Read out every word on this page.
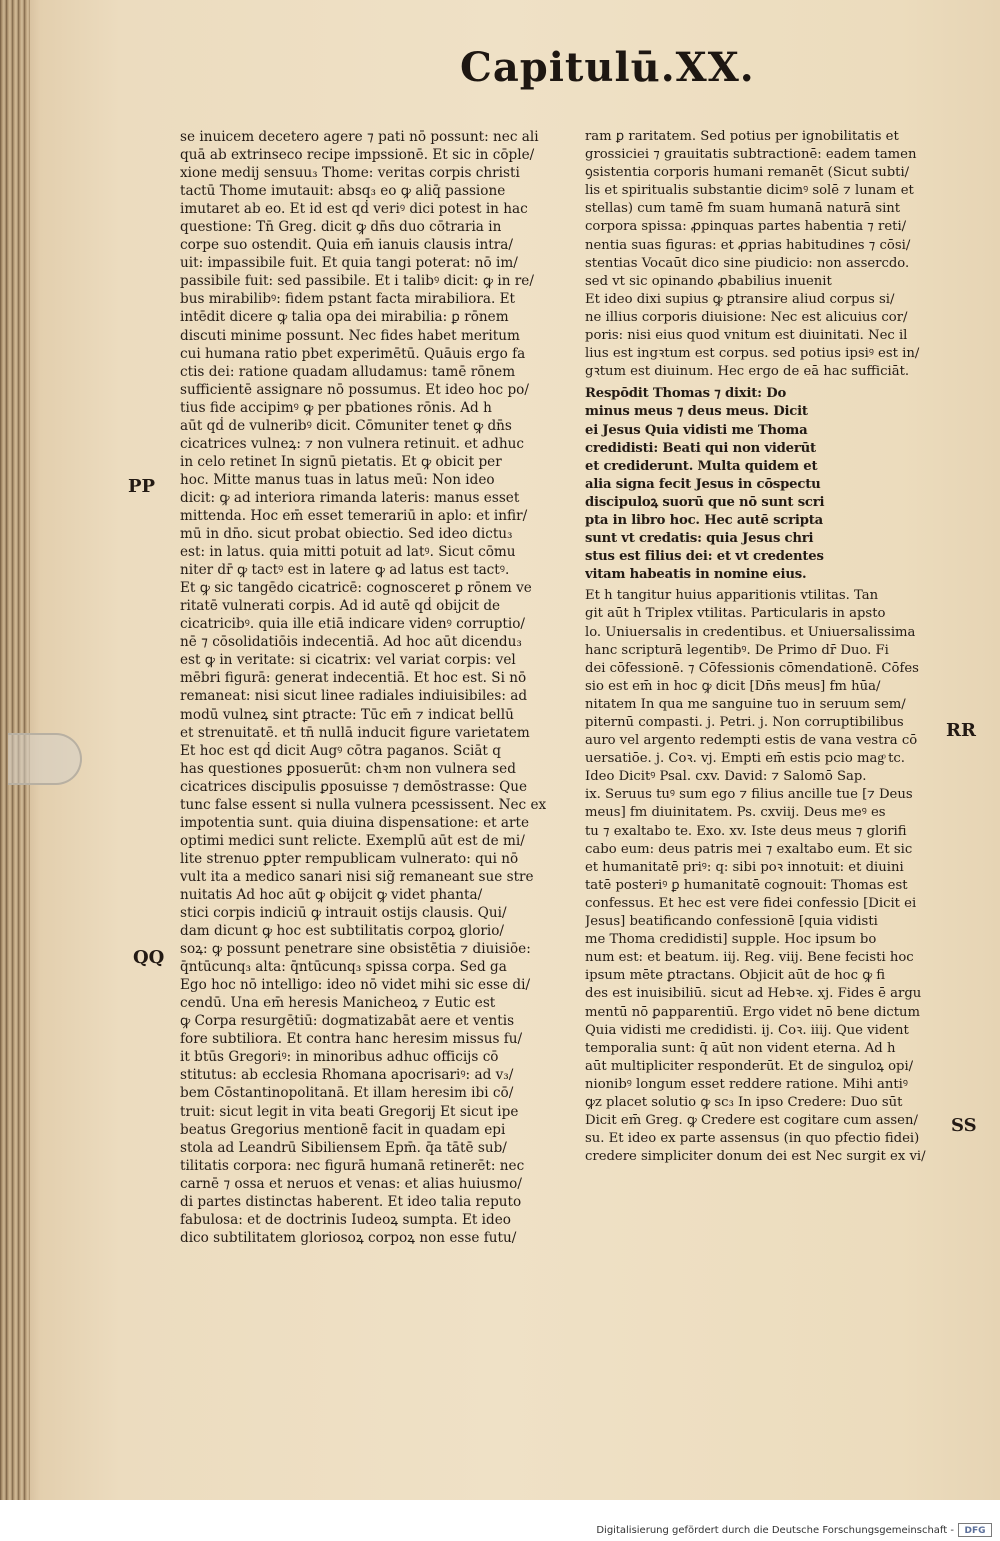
Capitulū.XX.
se inuicem decetero agere ⁊ pati nō possunt: nec ali
quā ab extrinseco recipe impssionē. Et sic in cōple/
xione medij sensuu₃ Thome: veritas corpis christi
tactū Thome imutauit: absq₃ eo ꝙ aliq̄ passione
imutaret ab eo. Et id est qḋ veriꝰ dici potest in hac
questione: Tn̄ Greg. dicit ꝙ dn̄s duo cōtraria in
corpe suo ostendit. Quia em̄ ianuis clausis intra/
uit: impassibile fuit. Et quia tangi poterat: nō im/
passibile fuit: sed passibile. Et i talibꝰ dicit: ꝙ in re/
bus mirabilibꝰ: fidem pstant facta mirabiliora. Et
intēdit dicere ꝙ talia opa dei mirabilia: ꝑ rōnem
discuti minime possunt. Nec fides habet meritum
cui humana ratio pbet experimētū. Quāuis ergo fa
ctis dei: ratione quadam alludamus: tamē rōnem
sufficientē assignare nō possumus. Et ideo hoc po/
tius fide accipimꝰ ꝙ per pbationes rōnis. Ad h
aūt qḋ de vulneribꝰ dicit. Cōmuniter tenet ꝙ dn̄s
cicatrices vulneꝝ: ⁊ non vulnera retinuit. et adhuc
in celo retinet In signū pietatis. Et ꝙ obicit per
hoc. Mitte manus tuas in latus meū: Non ideo
dicit: ꝙ ad interiora rimanda lateris: manus esset
mittenda. Hoc em̄ esset temerariū in aplo: et infir/
mū in dn̄o. sicut probat obiectio. Sed ideo dictu₃
est: in latus. quia mitti potuit ad latꝰ. Sicut cōmu
niter dr̄ ꝙ tactꝰ est in latere ꝙ ad latus est tactꝰ.
Et ꝙ sic tangēdo cicatricē: cognosceret ꝑ rōnem ve
ritatē vulnerati corpis. Ad id autē qḋ obijcit de
cicatricibꝰ. quia ille etiā indicare videnꝰ corruptio/
nē ⁊ cōsolidatiōis indecentiā. Ad hoc aūt dicendu₃
est ꝙ in veritate: si cicatrix: vel variat corpis: vel
mēbri figurā: generat indecentiā. Et hoc est. Si nō
remaneat: nisi sicut linee radiales indiuisibiles: ad
modū vulneꝝ sint ꝑtracte: Tūc em̄ ⁊ indicat bellū
et strenuitatē. et tn̄ nullā inducit figure varietatem
Et hoc est qḋ dicit Augꝰ cōtra paganos. Sciāt q
has questiones ꝑposuerūt: chꝛm non vulnera sed
cicatrices discipulis ꝑposuisse ⁊ demōstrasse: Que
tunc false essent si nulla vulnera pcessissent. Nec ex
impotentia sunt. quia diuina dispensatione: et arte
optimi medici sunt relicte. Exemplū aūt est de mi/
lite strenuo ꝑpter rempublicam vulnerato: qui nō
vult ita a medico sanari nisi sig̃ remaneant sue stre
nuitatis Ad hoc aūt ꝙ obijcit ꝙ videt phanta/
stici corpis indiciū ꝙ intrauit ostijs clausis. Qui/
dam dicunt ꝙ hoc est subtilitatis corpoꝝ glorio/
soꝝ: ꝙ possunt penetrare sine obsistētia ⁊ diuisiōe:
q̄ntūcunq₃ alta: q̄ntūcunq₃ spissa corpa. Sed ga
Ego hoc nō intelligo: ideo nō videt mihi sic esse di/
cendū. Una em̄ heresis Manicheoꝝ ⁊ Eutic est
ꝙ Corpa resurgētiū: dogmatizabāt aere et ventis
fore subtiliora. Et contra hanc heresim missus fu/
it btūs Gregoriꝰ: in minoribus adhuc officijs cō
stitutus: ab ecclesia Rhomana apocrisariꝰ: ad v₃/
bem Cōstantinopolitanā. Et illam heresim ibi cō/
truit: sicut legit in vita beati Gregorij Et sicut ipe
beatus Gregorius mentionē facit in quadam epi
stola ad Leandrū Sibiliensem Epm̄. q̄a tātē sub/
tilitatis corpora: nec figurā humanā retinerēt: nec
carnē ⁊ ossa et neruos et venas: et alias huiusmo/
di partes distinctas haberent. Et ideo talia reputo
fabulosa: et de doctrinis Iudeoꝝ sumpta. Et ideo
dico subtilitatem gloriosoꝝ corpoꝝ non esse futu/
ram ꝑ raritatem. Sed potius per ignobilitatis et
grossiciei ⁊ grauitatis subtractionē: eadem tamen
ꝯsistentia corporis humani remanēt (Sicut subti/
lis et spiritualis substantie dicimꝰ solē ⁊ lunam et
stellas) cum tamē f̄m suam humanā naturā sint
corpora spissa: ꝓpinquas partes habentia ⁊ reti/
nentia suas figuras: et ꝓprias habitudines ⁊ cōsi/
stentias Vocaūt dico sine piudicio: non assercdo.
sed vt sic opinando ꝓbabilius inuenit
Et ideo dixi supius ꝙ ꝑtransire aliud corpus si/
ne illius corporis diuisione: Nec est alicuius cor/
poris: nisi eius quod vnitum est diuinitati. Nec il
lius est ingꝛtum est corpus. sed potius ipsiꝰ est in/
gꝛtum est diuinum. Hec ergo de eā hac sufficiāt.
Respōdit Thomas ⁊ dixit: Do
minus meus ⁊ deus meus. Dicit
ei Jesus Quia vidisti me Thoma
credidisti: Beati qui non viderūt
et crediderunt. Multa quidem et
alia signa fecit Jesus in cōspectu
discipuloꝝ suorū que nō sunt scri
pta in libro hoc. Hec autē scripta
sunt vt credatis: quia Jesus chri
stus est filius dei: et vt credentes
vitam habeatis in nomine eius.
Et h tangitur huius apparitionis vtilitas. Tan
git aūt h Triplex vtilitas. Particularis in apsto
lo. Uniuersalis in credentibus. et Uniuersalissima
hanc scripturā legentibꝰ. De Primo dr̄ Duo. Fi
dei cōfessionē. ⁊ Cōfessionis cōmendationē. Cōfes
sio est em̄ in hoc ꝙ dicit [Dn̄s meus] f̄m hūa/
nitatem In qua me sanguine tuo in seruum sem/
piternū compasti. j. Petri. j. Non corruptibilibus
auro vel argento redempti estis de vana vestra cō
uersatiōe. j. Coꝛ. vj. Empti em̄ estis pcio magͦ tc.
Ideo Dicitꝰ Psal. cxv. David: ⁊ Salomō Sap.
ix. Seruus tuꝰ sum ego ⁊ filius ancille tue [⁊ Deus
meus] f̄m diuinitatem. Ps. cxviij. Deus meꝰ es
tu ⁊ exaltabo te. Exo. xv. Iste deus meus ⁊ glorifi
cabo eum: deus patris mei ⁊ exaltabo eum. Et sic
et humanitatē priꝰ: q: sibi poꝛ innotuit: et diuini
tatē posteriꝰ ꝑ humanitatē cognouit: Thomas est
confessus. Et hec est vere fidei confessio [Dicit ei
Jesus] beatificando confessionē [quia vidisti
me Thoma credidisti] supple. Hoc ipsum bo
num est: et beatum. iij. Reg. viij. Bene fecisti hoc
ipsum mēte ꝑtractans. Objicit aūt de hoc ꝙ fi
des est inuisibiliū. sicut ad Hebꝛe. xj. Fides ē argu
mentū nō ꝑapparentiū. Ergo videt nō bene dictum
Quia vidisti me credidisti. ij. Coꝛ. iiij. Que vident
temporalia sunt: q̄ aūt non vident eterna. Ad h
aūt multipliciter responderūt. Et de singuloꝝ opi/
nionibꝰ longum esset reddere ratione. Mihi antiꝰ
ꝙz placet solutio ꝙ sc₃ In ipso Credere: Duo sūt
Dicit em̄ Greg. ꝙ Credere est cogitare cum assen/
su. Et ideo ex parte assensus (in quo pfectio fidei)
credere simpliciter donum dei est Nec surgit ex vi/
PP
QQ
RR
SS
Digitalisierung gefördert durch die Deutsche Forschungsgemeinschaft -	DFG
